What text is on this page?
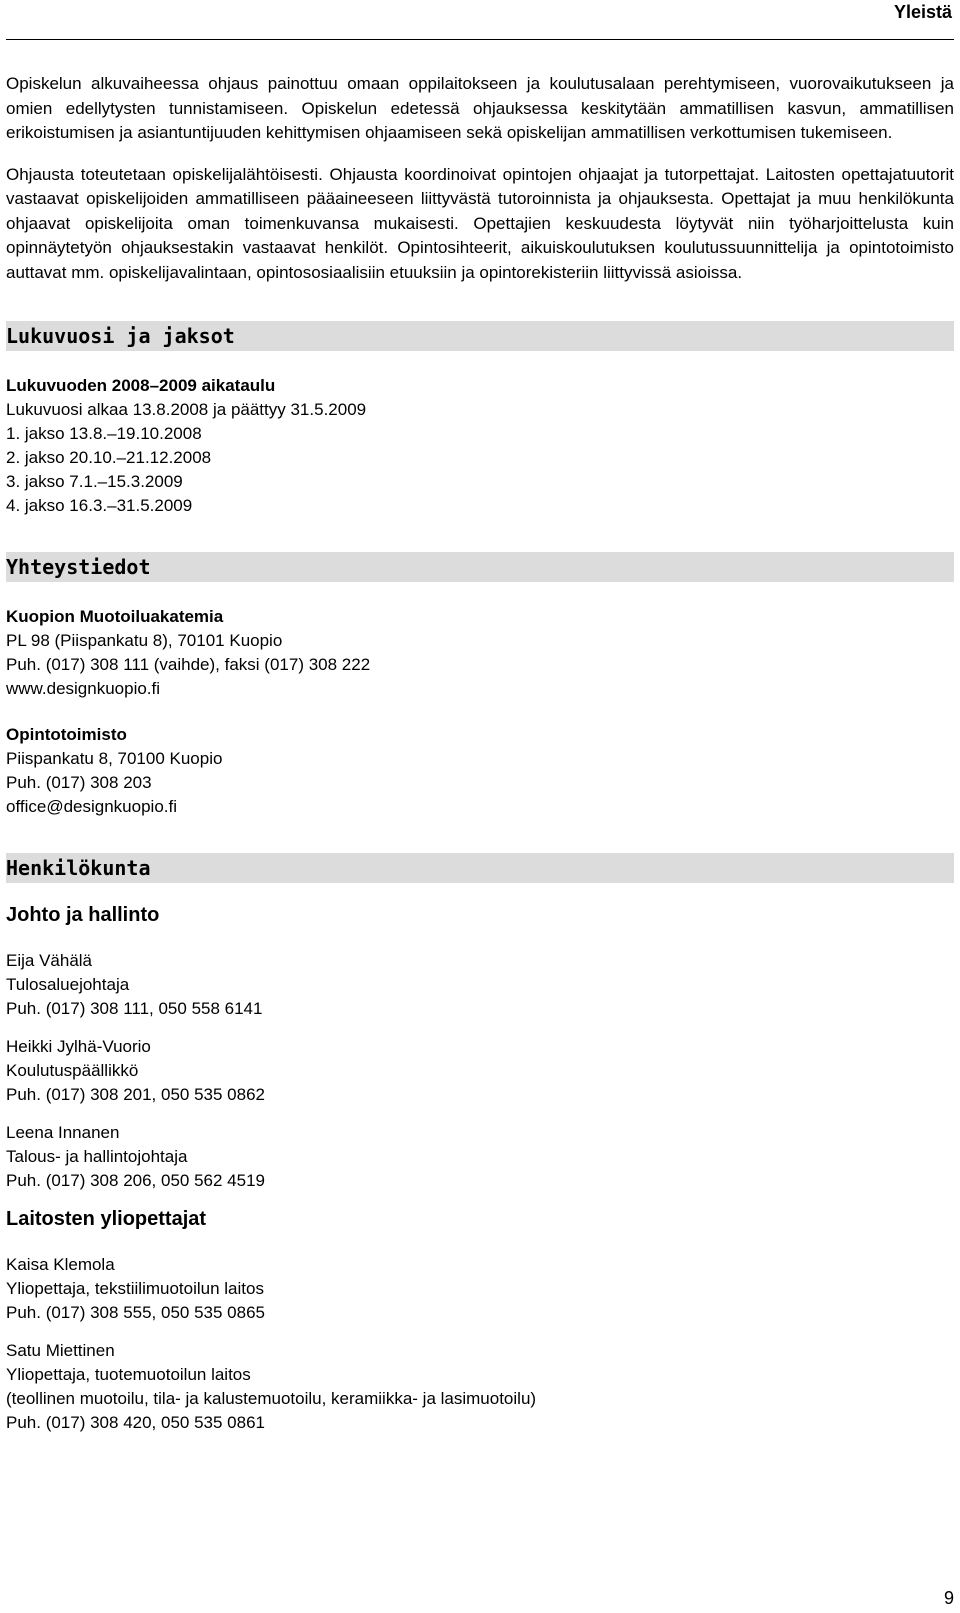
Yleistä

Opiskelun alkuvaiheessa ohjaus painottuu omaan oppilaitokseen ja koulutusalaan perehtymiseen, vuorovaikutukseen ja omien edellytysten tunnistamiseen. Opiskelun edetessä ohjauksessa keskitytään ammatillisen kasvun, ammatillisen erikoistumisen ja asiantuntijuuden kehittymisen ohjaamiseen sekä opiskelijan ammatillisen verkottumisen tukemiseen.

Ohjausta toteutetaan opiskelijalähtöisesti. Ohjausta koordinoivat opintojen ohjaajat ja tutorpettajat. Laitosten opettajatuutorit vastaavat opiskelijoiden ammatilliseen pääaineeseen liittyvästä tutoroinnista ja ohjauksesta. Opettajat ja muu henkilökunta ohjaavat opiskelijoita oman toimenkuvansa mukaisesti. Opettajien keskuudesta löytyvät niin työharjoittelusta kuin opinnäytetyön ohjauksestakin vastaavat henkilöt. Opintosihteerit, aikuiskoulutuksen koulutussuunnittelija ja opintotoimisto auttavat mm. opiskelijavalintaan, opintososiaalisiin etuuksiin ja opintorekisteriin liittyvissä asioissa.

Lukuvuosi ja jaksot
Lukuvuoden 2008–2009 aikataulu
Lukuvuosi alkaa 13.8.2008 ja päättyy 31.5.2009
1. jakso 13.8.–19.10.2008
2. jakso 20.10.–21.12.2008
3. jakso 7.1.–15.3.2009
4. jakso 16.3.–31.5.2009
Yhteystiedot
Kuopion Muotoiluakatemia
PL 98 (Piispankatu 8), 70101 Kuopio
Puh. (017) 308 111 (vaihde), faksi (017) 308 222
www.designkuopio.fi
Opintotoimisto
Piispankatu 8, 70100 Kuopio
Puh. (017) 308 203
office@designkuopio.fi
Henkilökunta
Johto ja hallinto
Eija Vähälä
Tulosaluejohtaja
Puh. (017) 308 111, 050 558 6141
Heikki Jylhä-Vuorio
Koulutuspäällikkö
Puh. (017) 308 201, 050 535 0862
Leena Innanen
Talous- ja hallintojohtaja
Puh. (017) 308 206, 050 562 4519
Laitosten yliopettajat
Kaisa Klemola
Yliopettaja, tekstiilimuotoilun laitos
Puh. (017) 308 555, 050 535 0865
Satu Miettinen
Yliopettaja, tuotemuotoilun laitos
(teollinen muotoilu, tila- ja kalustemuotoilu, keramiikka- ja lasimuotoilu)
Puh. (017) 308 420, 050 535 0861
9
